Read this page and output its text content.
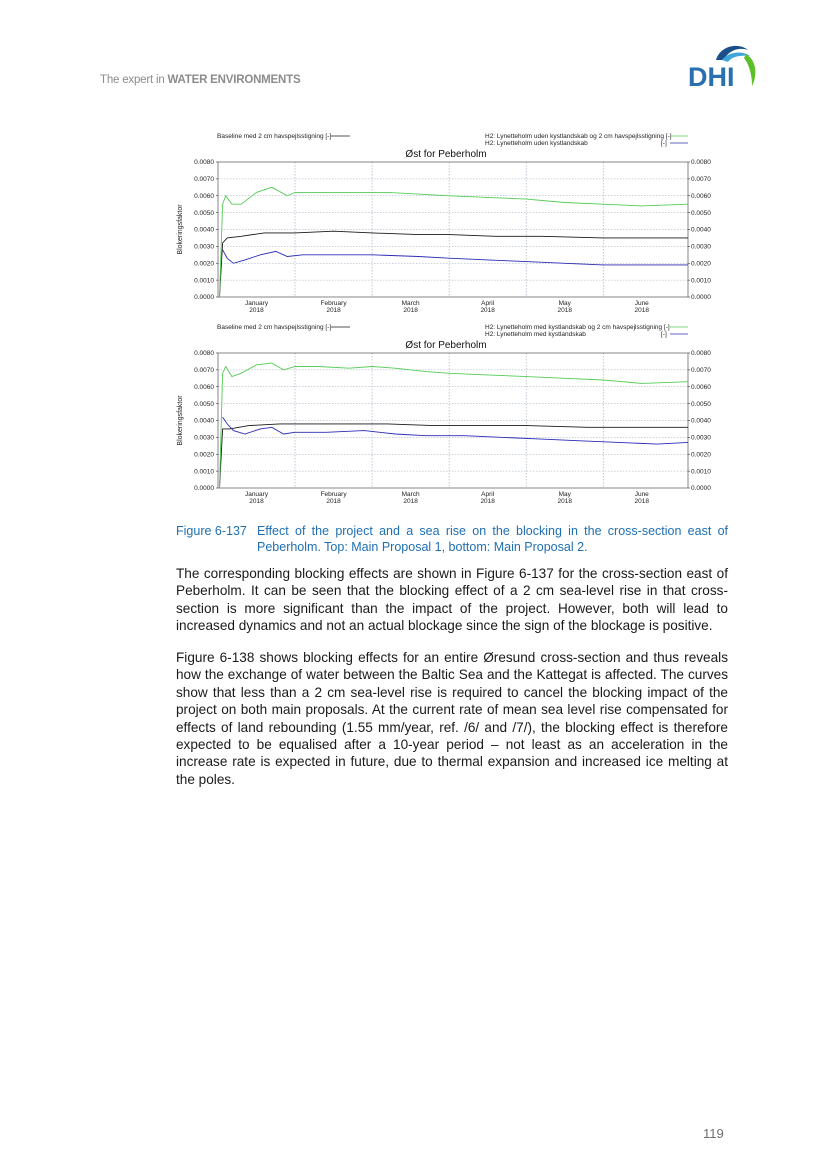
The expert in WATER ENVIRONMENTS	DHI
Baseline med 2 cm havspejlsstigning [-]	H2: Lynetteholm uden kystlandskab og 2 cm havspejlsstigning [-]
H2: Lynetteholm uden kystlandskab	[-]
Øst for Peberholm
0.0000	0.0000
0.0010	0.0010
0.0020	0.0020
0.0030	0.0030
0.0040	0.0040
0.0050	0.0050
0.0060	0.0060
0.0070	0.0070
0.0080	0.0080
January
2018
February
2018
March
2018
April
2018
May
2018
June
2018
Blokeringsfaktor
Baseline med 2 cm havspejlsstigning [-]	H2: Lynetteholm med kystlandskab og 2 cm havspejlsstigning [-]
H2: Lynetteholm med kystlandskab	[-]
Øst for Peberholm
0.0000	0.0000
0.0010	0.0010
0.0020	0.0020
0.0030	0.0030
0.0040	0.0040
0.0050	0.0050
0.0060	0.0060
0.0070	0.0070
0.0080	0.0080
January
2018
February
2018
March
2018
April
2018
May
2018
June
2018
Blokeringsfaktor
Figure 6-137 Effect of the project and a sea rise on the blocking in the cross-section east of Peberholm. Top: Main Proposal 1, bottom: Main Proposal 2.

The corresponding blocking effects are shown in Figure 6-137 for the cross-section east of Peberholm. It can be seen that the blocking effect of a 2 cm sea-level rise in that cross-section is more significant than the impact of the project. However, both will lead to increased dynamics and not an actual blockage since the sign of the blockage is positive.

Figure 6-138 shows blocking effects for an entire Øresund cross-section and thus reveals how the exchange of water between the Baltic Sea and the Kattegat is affected. The curves show that less than a 2 cm sea-level rise is required to cancel the blocking impact of the project on both main proposals. At the current rate of mean sea level rise compensated for effects of land rebounding (1.55 mm/year, ref. /6/ and /7/), the blocking effect is therefore expected to be equalised after a 10-year period – not least as an acceleration in the increase rate is expected in future, due to thermal expansion and increased ice melting at the poles.

119
